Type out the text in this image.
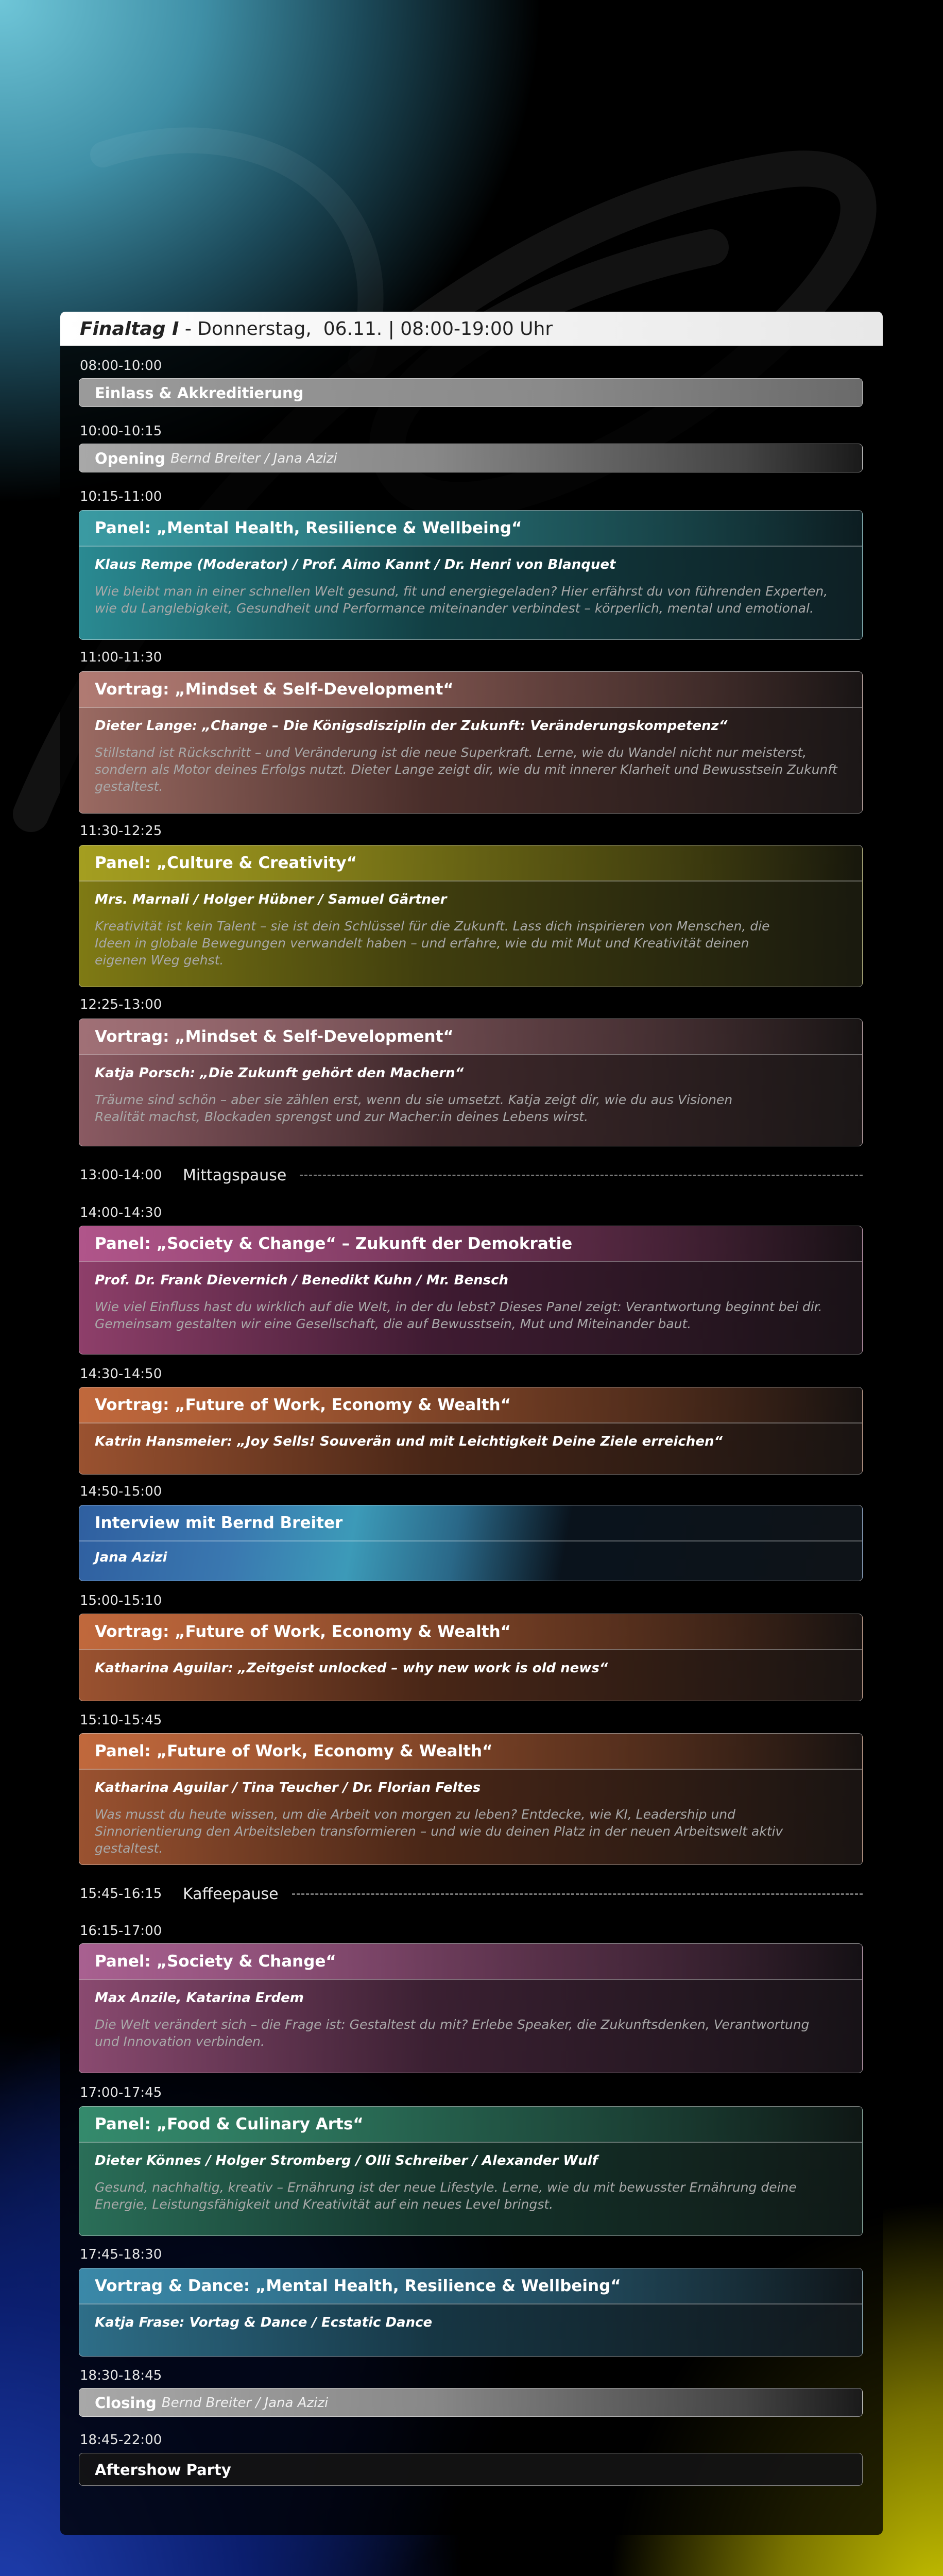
Finaltag I - Donnerstag,  06.11. | 08:00-19:00 Uhr
08:00-10:00
Einlass & Akkreditierung
10:00-10:15
Opening Bernd Breiter / Jana Azizi
10:15-11:00
Panel: „Mental Health, Resilience & Wellbeing“
Klaus Rempe (Moderator) / Prof. Aimo Kannt / Dr. Henri von Blanquet
Wie bleibt man in einer schnellen Welt gesund, fit und energiegeladen? Hier erfährst du von führenden Experten, wie du Langlebigkeit, Gesundheit und Performance miteinander verbindest – körperlich, mental und emotional.
11:00-11:30
Vortrag: „Mindset & Self-Development“
Dieter Lange: „Change – Die Königsdisziplin der Zukunft: Veränderungskompetenz“
Stillstand ist Rückschritt – und Veränderung ist die neue Superkraft. Lerne, wie du Wandel nicht nur meisterst, sondern als Motor deines Erfolgs nutzt. Dieter Lange zeigt dir, wie du mit innerer Klarheit und Bewusstsein Zukunft gestaltest.
11:30-12:25
Panel: „Culture & Creativity“
Mrs. Marnali / Holger Hübner / Samuel Gärtner
Kreativität ist kein Talent – sie ist dein Schlüssel für die Zukunft. Lass dich inspirieren von Menschen, die Ideen in globale Bewegungen verwandelt haben – und erfahre, wie du mit Mut und Kreativität deinen eigenen Weg gehst.
12:25-13:00
Vortrag: „Mindset & Self-Development“
Katja Porsch: „Die Zukunft gehört den Machern“
Träume sind schön – aber sie zählen erst, wenn du sie umsetzt. Katja zeigt dir, wie du aus Visionen Realität machst, Blockaden sprengst und zur Macher:in deines Lebens wirst.
13:00-14:00	Mittagspause
14:00-14:30
Panel: „Society & Change“ – Zukunft der Demokratie
Prof. Dr. Frank Dievernich / Benedikt Kuhn / Mr. Bensch
Wie viel Einfluss hast du wirklich auf die Welt, in der du lebst? Dieses Panel zeigt: Verantwortung beginnt bei dir. Gemeinsam gestalten wir eine Gesellschaft, die auf Bewusstsein, Mut und Miteinander baut.
14:30-14:50
Vortrag: „Future of Work, Economy & Wealth“
Katrin Hansmeier: „Joy Sells! Souverän und mit Leichtigkeit Deine Ziele erreichen“
14:50-15:00
Interview mit Bernd Breiter
Jana Azizi
15:00-15:10
Vortrag: „Future of Work, Economy & Wealth“
Katharina Aguilar: „Zeitgeist unlocked – why new work is old news“
15:10-15:45
Panel: „Future of Work, Economy & Wealth“
Katharina Aguilar / Tina Teucher / Dr. Florian Feltes
Was musst du heute wissen, um die Arbeit von morgen zu leben? Entdecke, wie KI, Leadership und Sinnorientierung den Arbeitsleben transformieren – und wie du deinen Platz in der neuen Arbeitswelt aktiv gestaltest.
15:45-16:15	Kaffeepause
16:15-17:00
Panel: „Society & Change“
Max Anzile, Katarina Erdem
Die Welt verändert sich – die Frage ist: Gestaltest du mit? Erlebe Speaker, die Zukunftsdenken, Verantwortung und Innovation verbinden.
17:00-17:45
Panel: „Food & Culinary Arts“
Dieter Könnes / Holger Stromberg / Olli Schreiber / Alexander Wulf
Gesund, nachhaltig, kreativ – Ernährung ist der neue Lifestyle. Lerne, wie du mit bewusster Ernährung deine Energie, Leistungsfähigkeit und Kreativität auf ein neues Level bringst.
17:45-18:30
Vortrag & Dance: „Mental Health, Resilience & Wellbeing“
Katja Frase: Vortag & Dance / Ecstatic Dance
18:30-18:45
Closing Bernd Breiter / Jana Azizi
18:45-22:00
Aftershow Party
